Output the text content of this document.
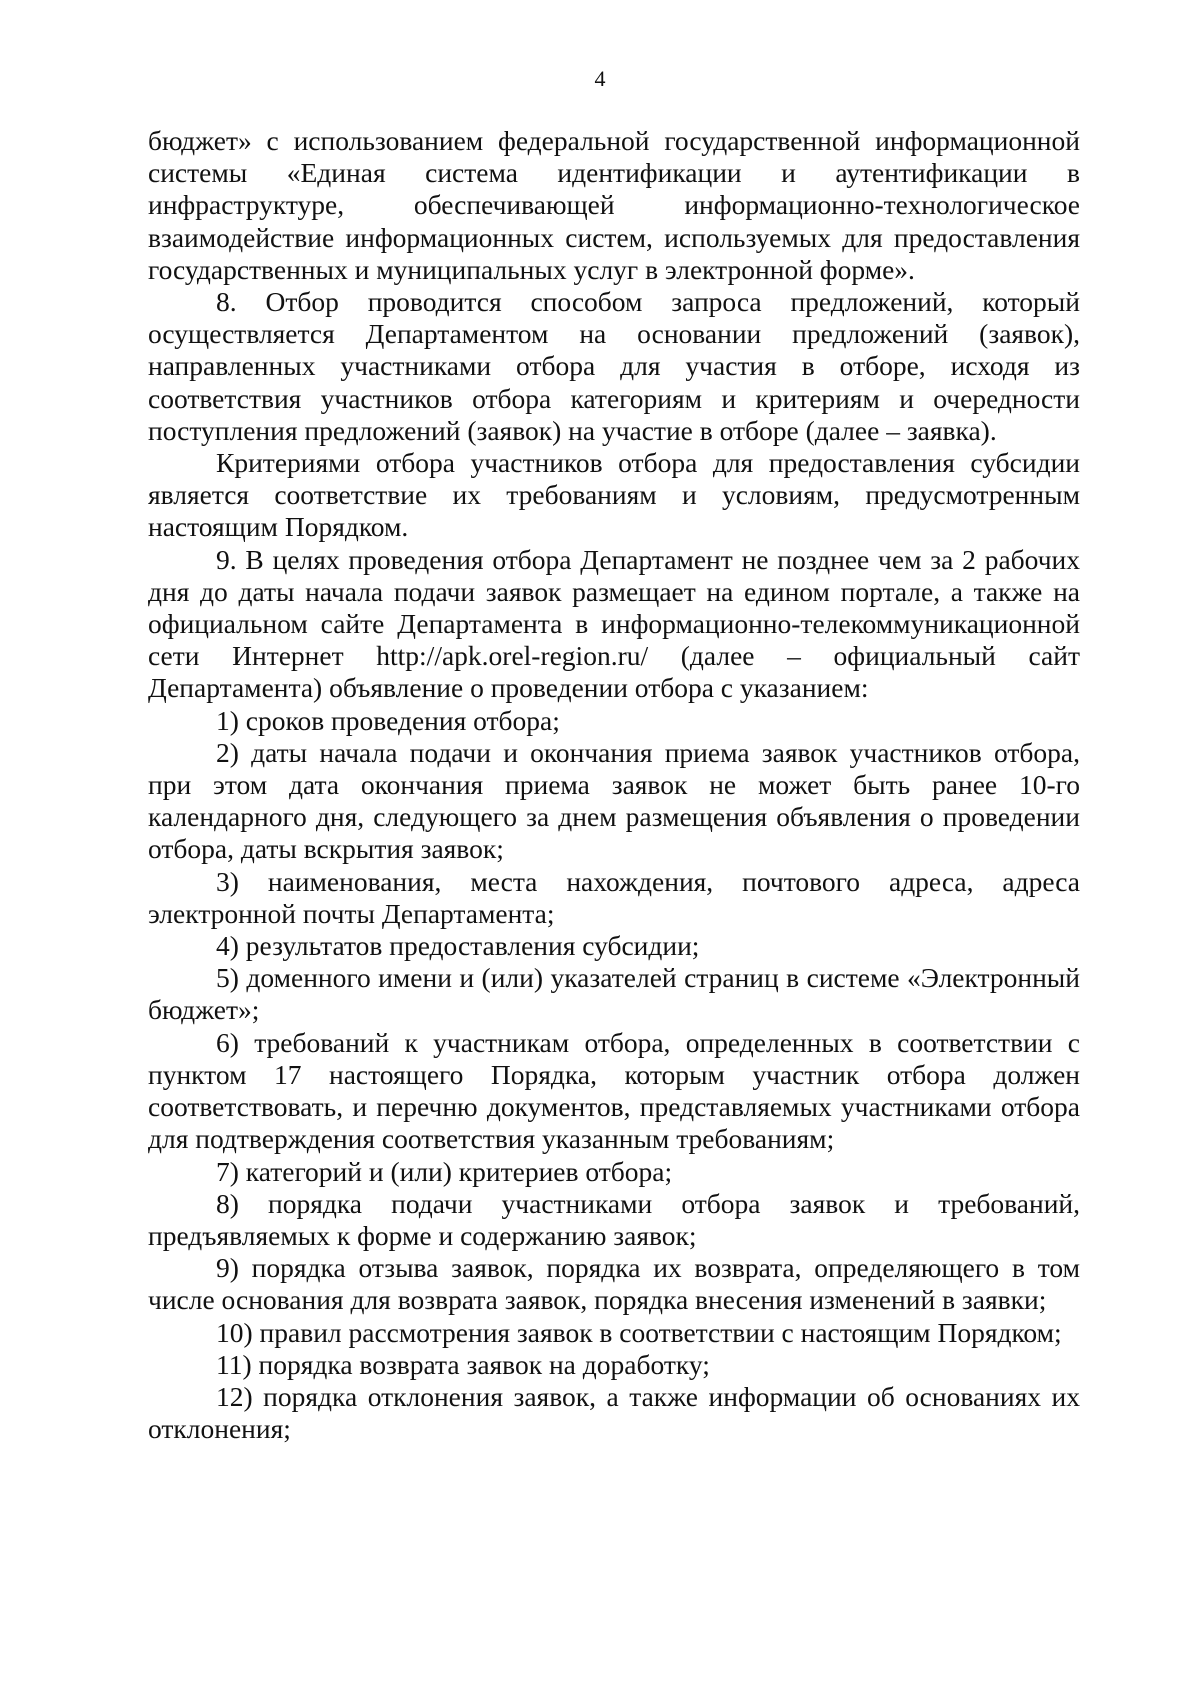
4

бюджет» с использованием федеральной государственной информационной системы «Единая система идентификации и аутентификации в инфраструктуре, обеспечивающей информационно-технологическое взаимодействие информационных систем, используемых для предоставления государственных и муниципальных услуг в электронной форме».

8. Отбор проводится способом запроса предложений, который осуществляется Департаментом на основании предложений (заявок), направленных участниками отбора для участия в отборе, исходя из соответствия участников отбора категориям и критериям и очередности поступления предложений (заявок) на участие в отборе (далее – заявка).

Критериями отбора участников отбора для предоставления субсидии является соответствие их требованиям и условиям, предусмотренным настоящим Порядком.

9. В целях проведения отбора Департамент не позднее чем за 2 рабочих дня до даты начала подачи заявок размещает на едином портале, а также на официальном сайте Департамента в информационно-телекоммуникационной сети Интернет http://apk.orel-region.ru/ (далее – официальный сайт Департамента) объявление о проведении отбора с указанием:

1) сроков проведения отбора;

2) даты начала подачи и окончания приема заявок участников отбора, при этом дата окончания приема заявок не может быть ранее 10-го календарного дня, следующего за днем размещения объявления о проведении отбора, даты вскрытия заявок;

3) наименования, места нахождения, почтового адреса, адреса электронной почты Департамента;

4) результатов предоставления субсидии;

5) доменного имени и (или) указателей страниц в системе «Электронный бюджет»;

6) требований к участникам отбора, определенных в соответствии с пунктом 17 настоящего Порядка, которым участник отбора должен соответствовать, и перечню документов, представляемых участниками отбора для подтверждения соответствия указанным требованиям;

7) категорий и (или) критериев отбора;

8) порядка подачи участниками отбора заявок и требований, предъявляемых к форме и содержанию заявок;

9) порядка отзыва заявок, порядка их возврата, определяющего в том числе основания для возврата заявок, порядка внесения изменений в заявки;

10) правил рассмотрения заявок в соответствии с настоящим Порядком;

11) порядка возврата заявок на доработку;

12) порядка отклонения заявок, а также информации об основаниях их отклонения;
